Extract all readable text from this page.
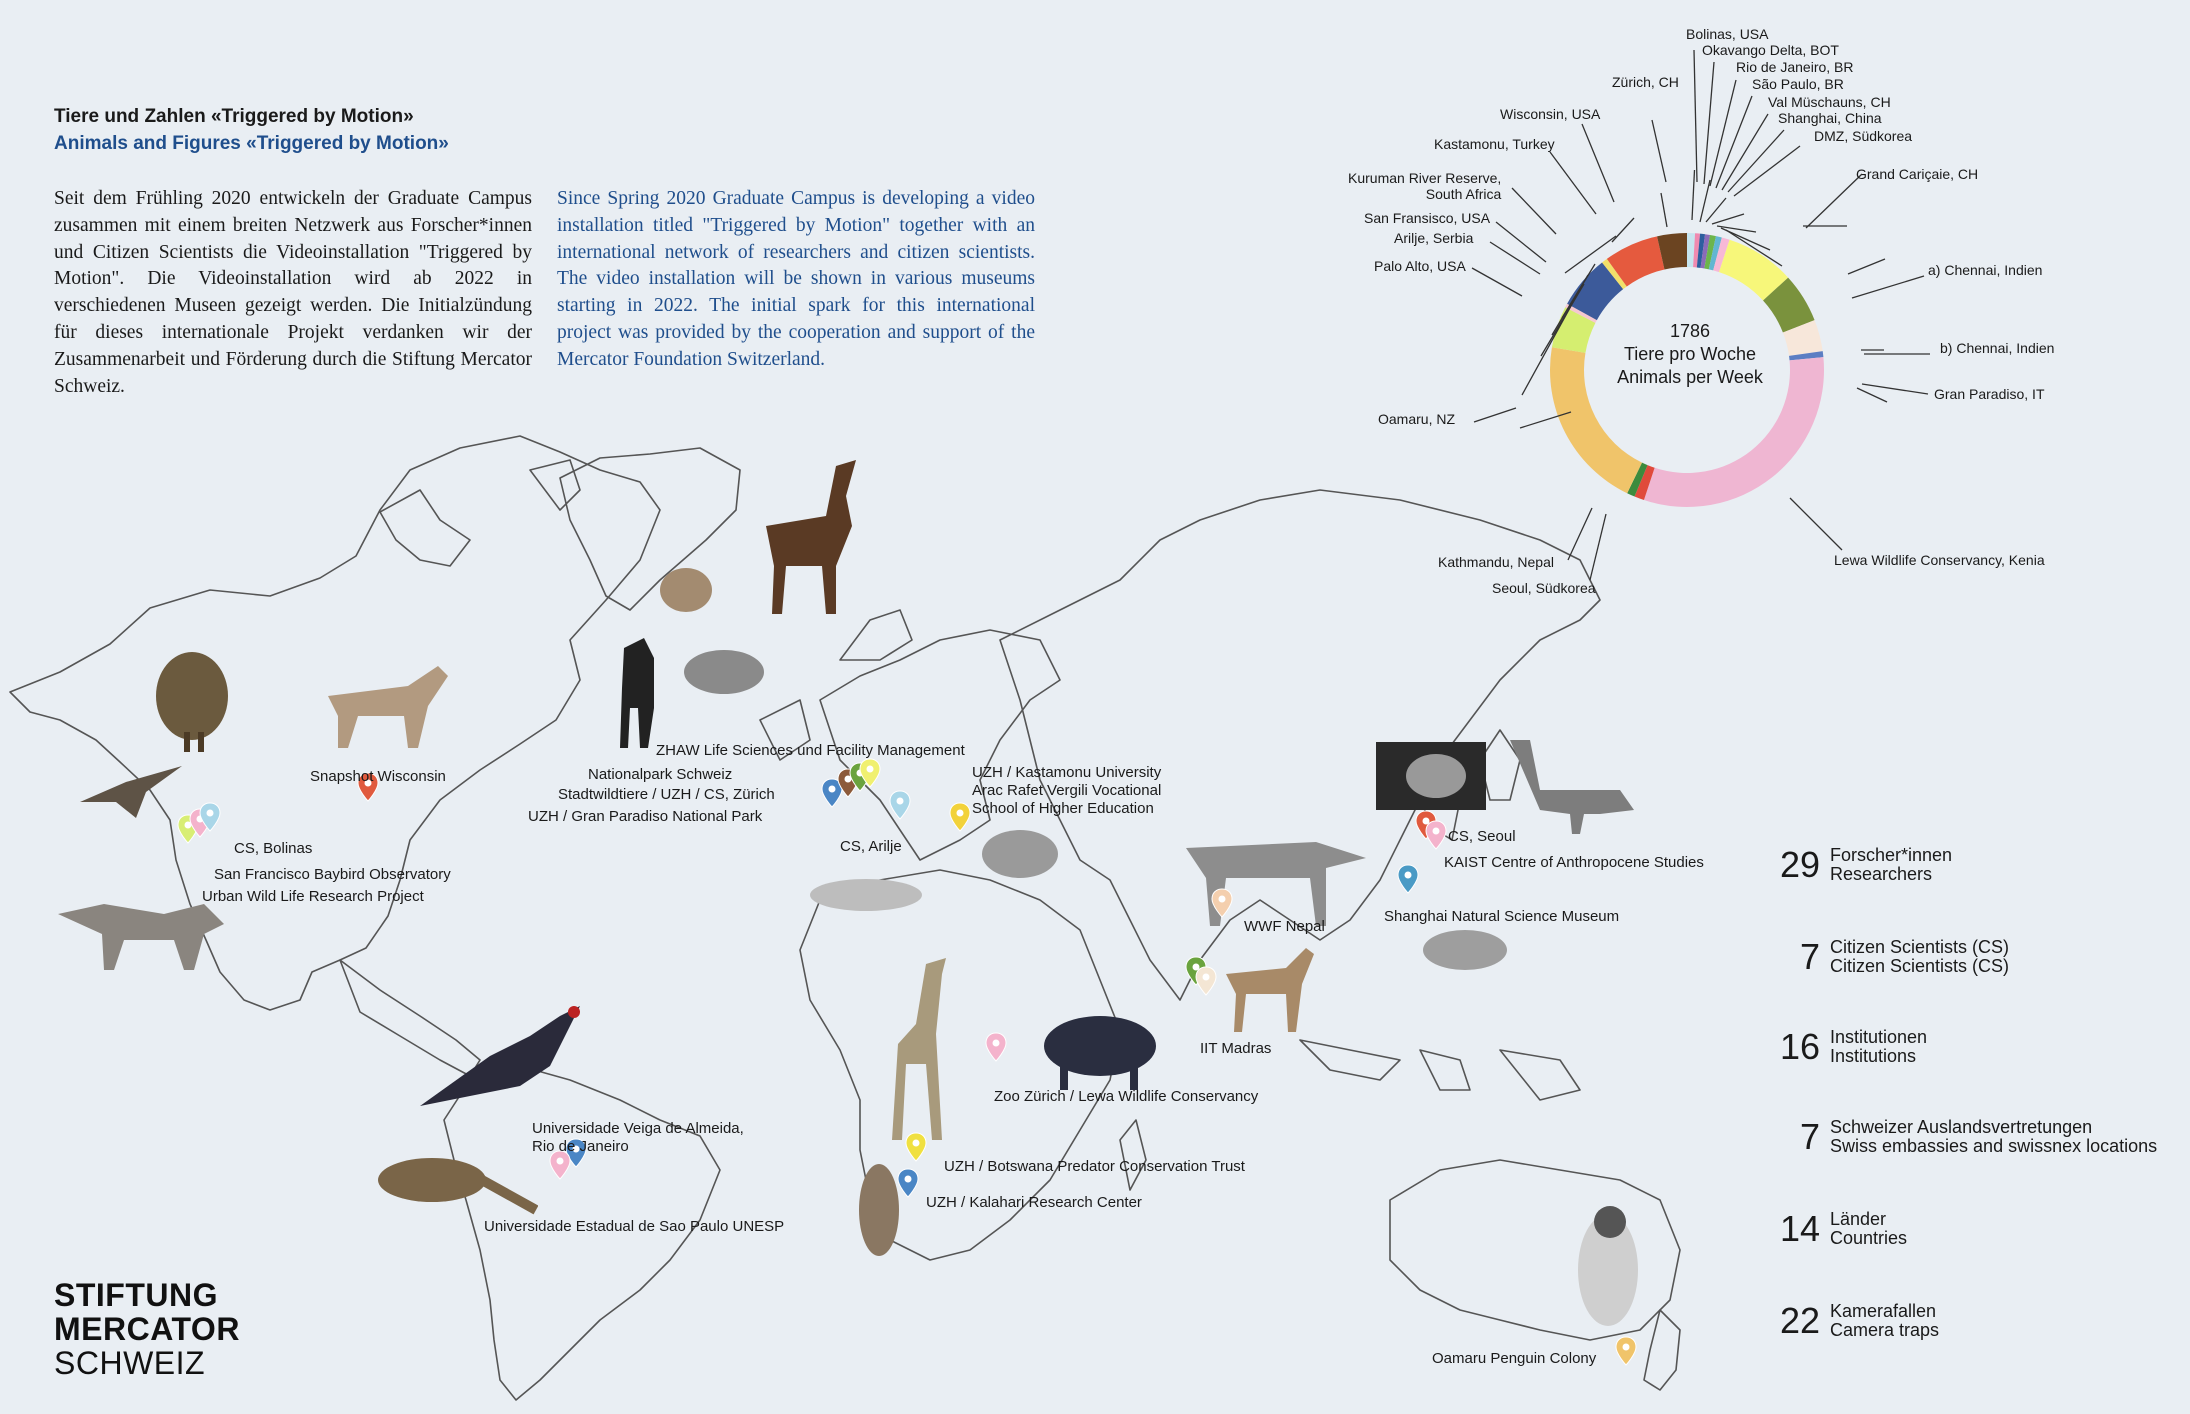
Tiere und Zahlen «Triggered by Motion»
Animals and Figures «Triggered by Motion»
Seit dem Frühling 2020 entwickeln der Graduate Campus zusammen mit einem breiten Netzwerk aus Forscher*innen und Citizen Scientists die Videoinstallation "Triggered by Motion". Die Videoinstallation wird ab 2022 in verschiedenen Museen gezeigt werden. Die Initialzündung für dieses internationale Projekt verdanken wir der Zusammenarbeit und Förderung durch die Stiftung Mercator Schweiz.
Since Spring 2020 Graduate Campus is developing a video installation titled "Triggered by Motion" together with an international network of researchers and citizen scientists. The video installation will be shown in various museums starting in 2022. The initial spark for this international project was provided by the cooperation and support of the Mercator Foundation Switzerland.
1786
Tiere pro Woche
Animals per Week
Bolinas, USA
Okavango Delta, BOT
Rio de Janeiro, BR
São Paulo, BR
Val Müschauns, CH
Shanghai, China
DMZ, Südkorea
Zürich, CH
Wisconsin, USA
Kastamonu, Turkey
Kuruman River Reserve,
South Africa
San Fransisco, USA
Arilje, Serbia
Palo Alto, USA
Oamaru, NZ
Grand Cariçaie, CH
a) Chennai, Indien
b) Chennai, Indien
Gran Paradiso, IT
Lewa Wildlife Conservancy, Kenia
Kathmandu, Nepal
Seoul, Südkorea
Snapshot Wisconsin
ZHAW Life Sciences und Facility Management
Nationalpark Schweiz
Stadtwildtiere / UZH / CS, Zürich
UZH / Gran Paradiso National Park
CS, Arilje
UZH / Kastamonu University
Arac Rafet Vergili Vocational
School of Higher Education
CS, Bolinas
San Francisco Baybird Observatory
Urban Wild Life Research Project
CS, Seoul
KAIST Centre of Anthropocene Studies
Shanghai Natural Science Museum
WWF Nepal
IIT Madras
Zoo Zürich / Lewa Wildlife Conservancy
Universidade Veiga de Almeida,
Rio de Janeiro
Universidade Estadual de Sao Paulo UNESP
UZH / Botswana Predator Conservation Trust
UZH / Kalahari Research Center
Oamaru Penguin Colony
29 Forscher*innen
Researchers
7 Citizen Scientists (CS)
Citizen Scientists (CS)
16 Institutionen
Institutions
7 Schweizer Auslandsvertretungen
Swiss embassies and swissnex locations
14 Länder
Countries
22 Kamerafallen
Camera traps
STIFTUNG
MERCATOR
SCHWEIZ
